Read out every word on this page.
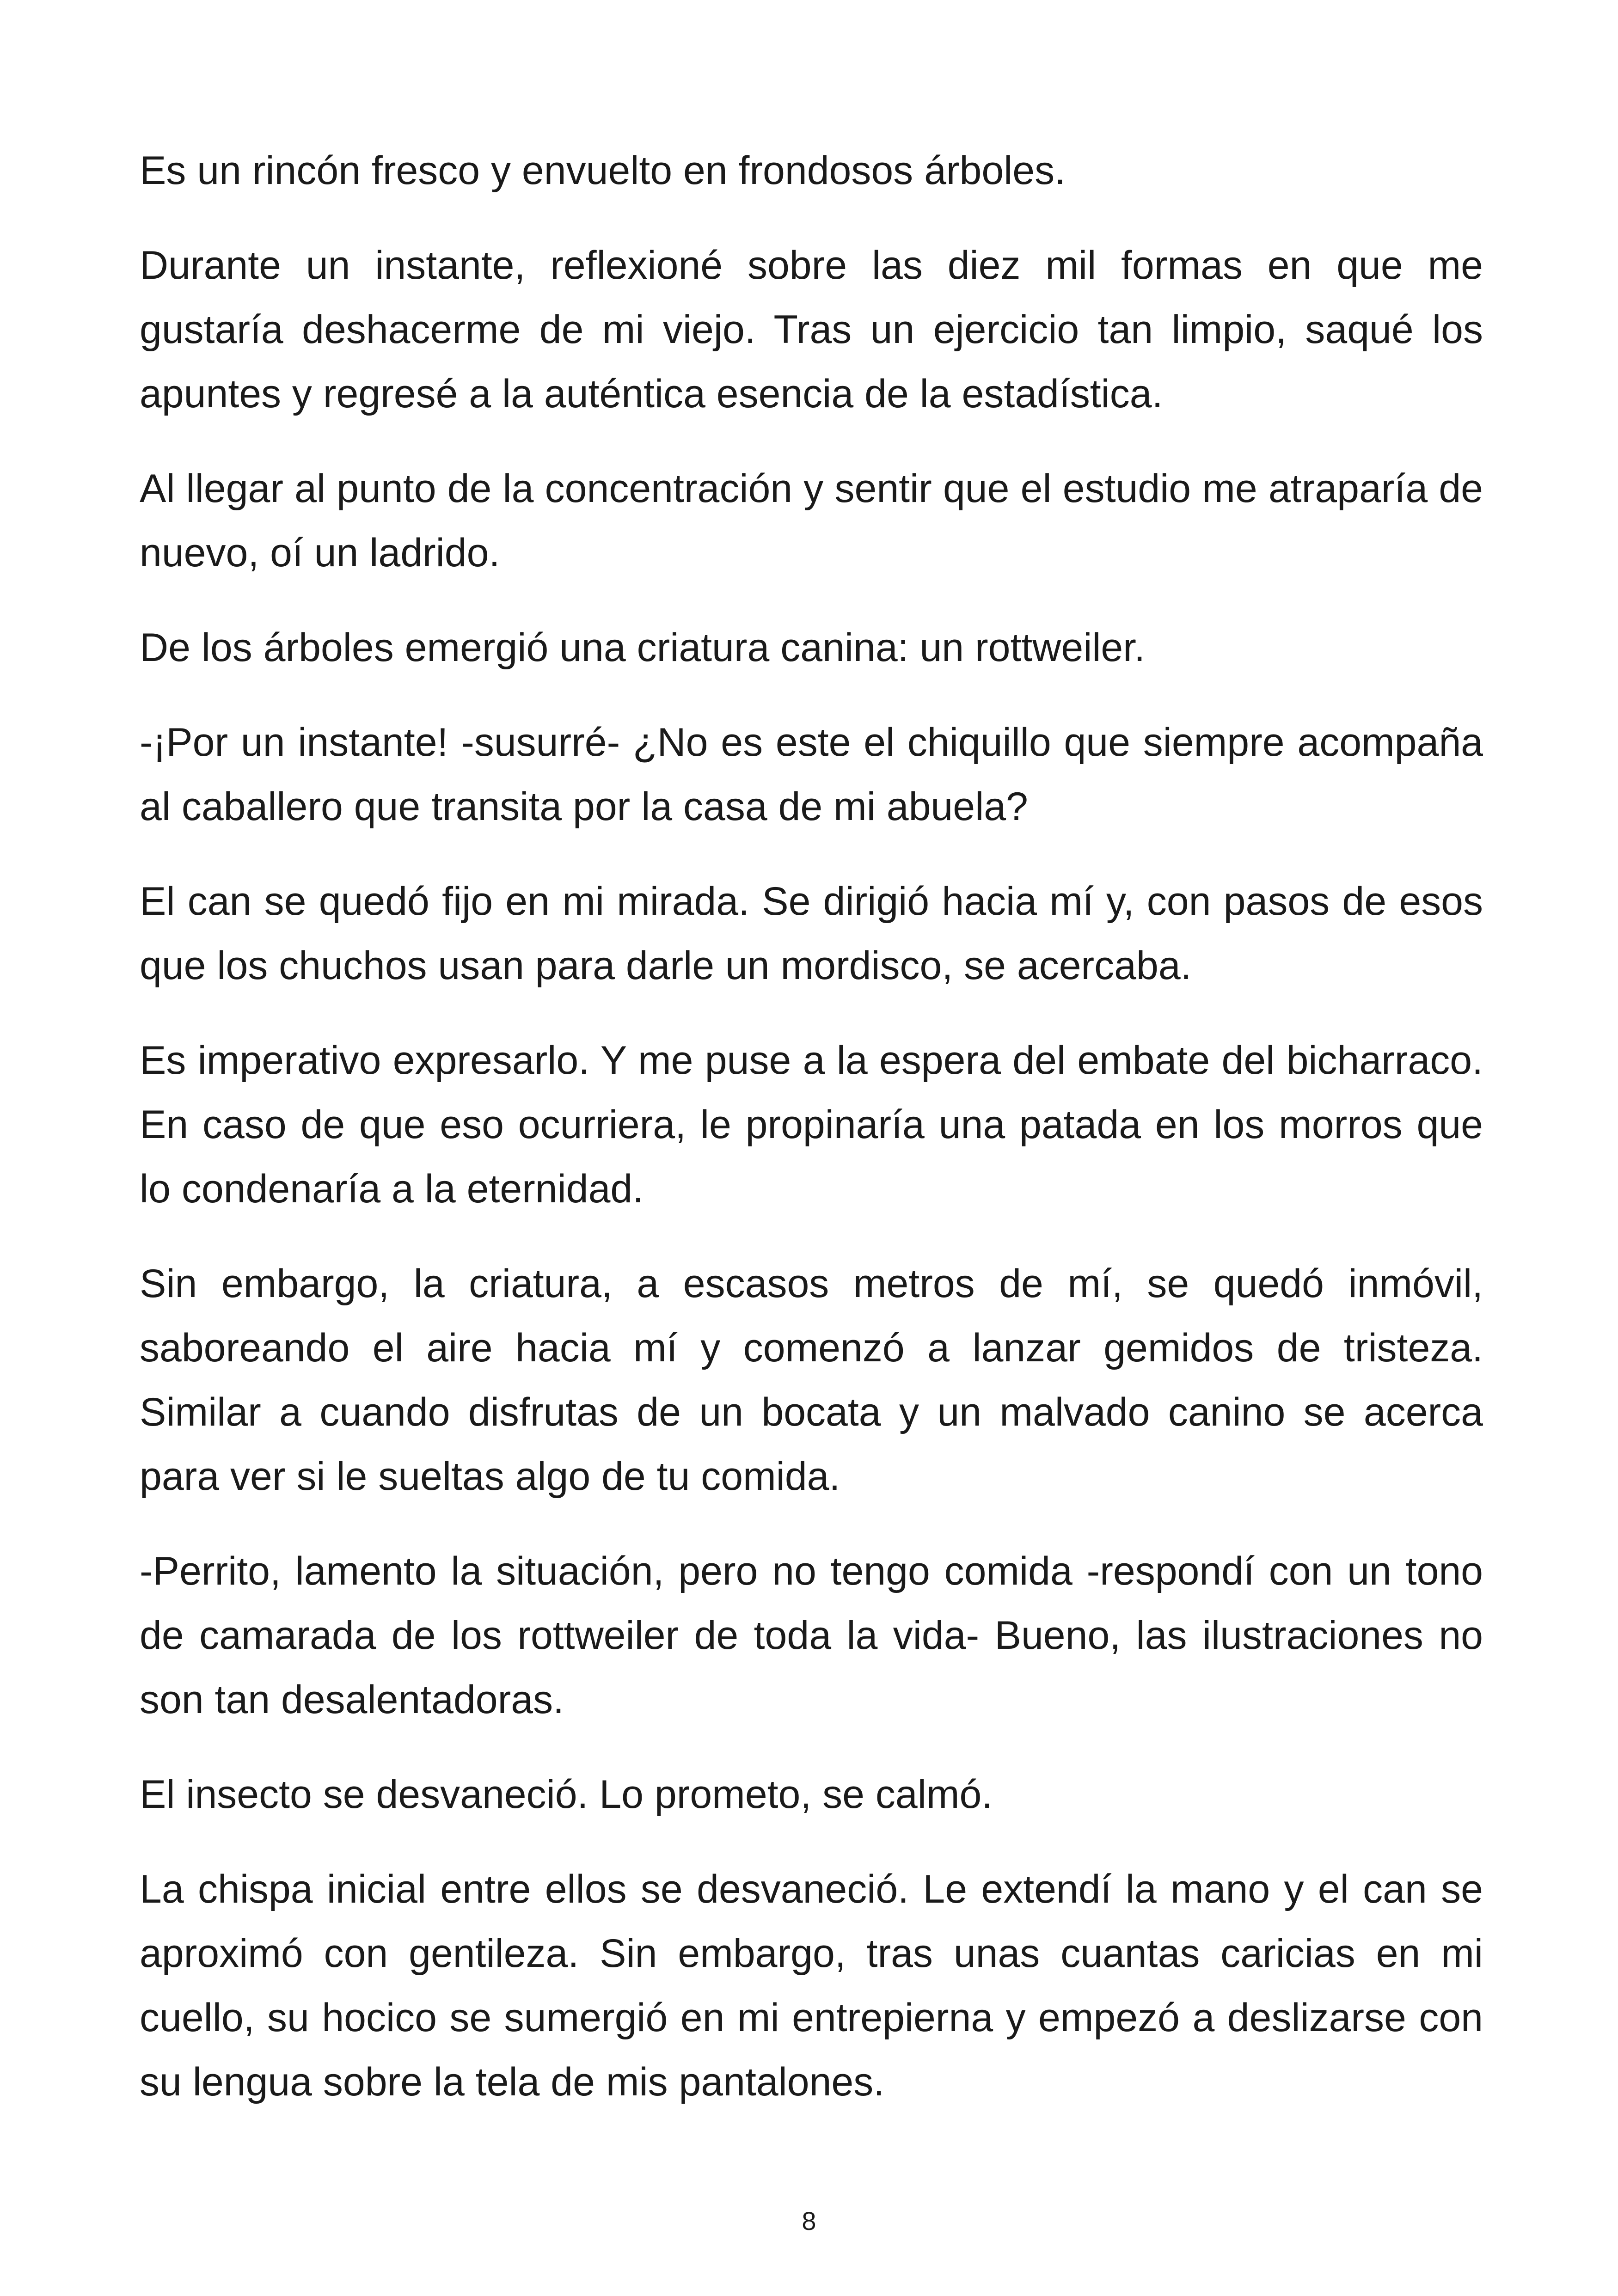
Es un rincón fresco y envuelto en frondosos árboles.

Durante un instante, reflexioné sobre las diez mil formas en que me gustaría deshacerme de mi viejo. Tras un ejercicio tan limpio, saqué los apuntes y regresé a la auténtica esencia de la estadística.

Al llegar al punto de la concentración y sentir que el estudio me atraparía de nuevo, oí un ladrido.

De los árboles emergió una criatura canina: un rottweiler.

-¡Por un instante! -susurré- ¿No es este el chiquillo que siempre acompaña al caballero que transita por la casa de mi abuela?

El can se quedó fijo en mi mirada. Se dirigió hacia mí y, con pasos de esos que los chuchos usan para darle un mordisco, se acercaba.

Es imperativo expresarlo. Y me puse a la espera del embate del bicharraco. En caso de que eso ocurriera, le propinaría una patada en los morros que lo condenaría a la eternidad.

Sin embargo, la criatura, a escasos metros de mí, se quedó inmóvil, saboreando el aire hacia mí y comenzó a lanzar gemidos de tristeza. Similar a cuando disfrutas de un bocata y un malvado canino se acerca para ver si le sueltas algo de tu comida.

-Perrito, lamento la situación, pero no tengo comida -respondí con un tono de camarada de los rottweiler de toda la vida- Bueno, las ilustraciones no son tan desalentadoras.

El insecto se desvaneció. Lo prometo, se calmó.

La chispa inicial entre ellos se desvaneció. Le extendí la mano y el can se aproximó con gentileza. Sin embargo, tras unas cuantas caricias en mi cuello, su hocico se sumergió en mi entrepierna y empezó a deslizarse con su lengua sobre la tela de mis pantalones.

8
